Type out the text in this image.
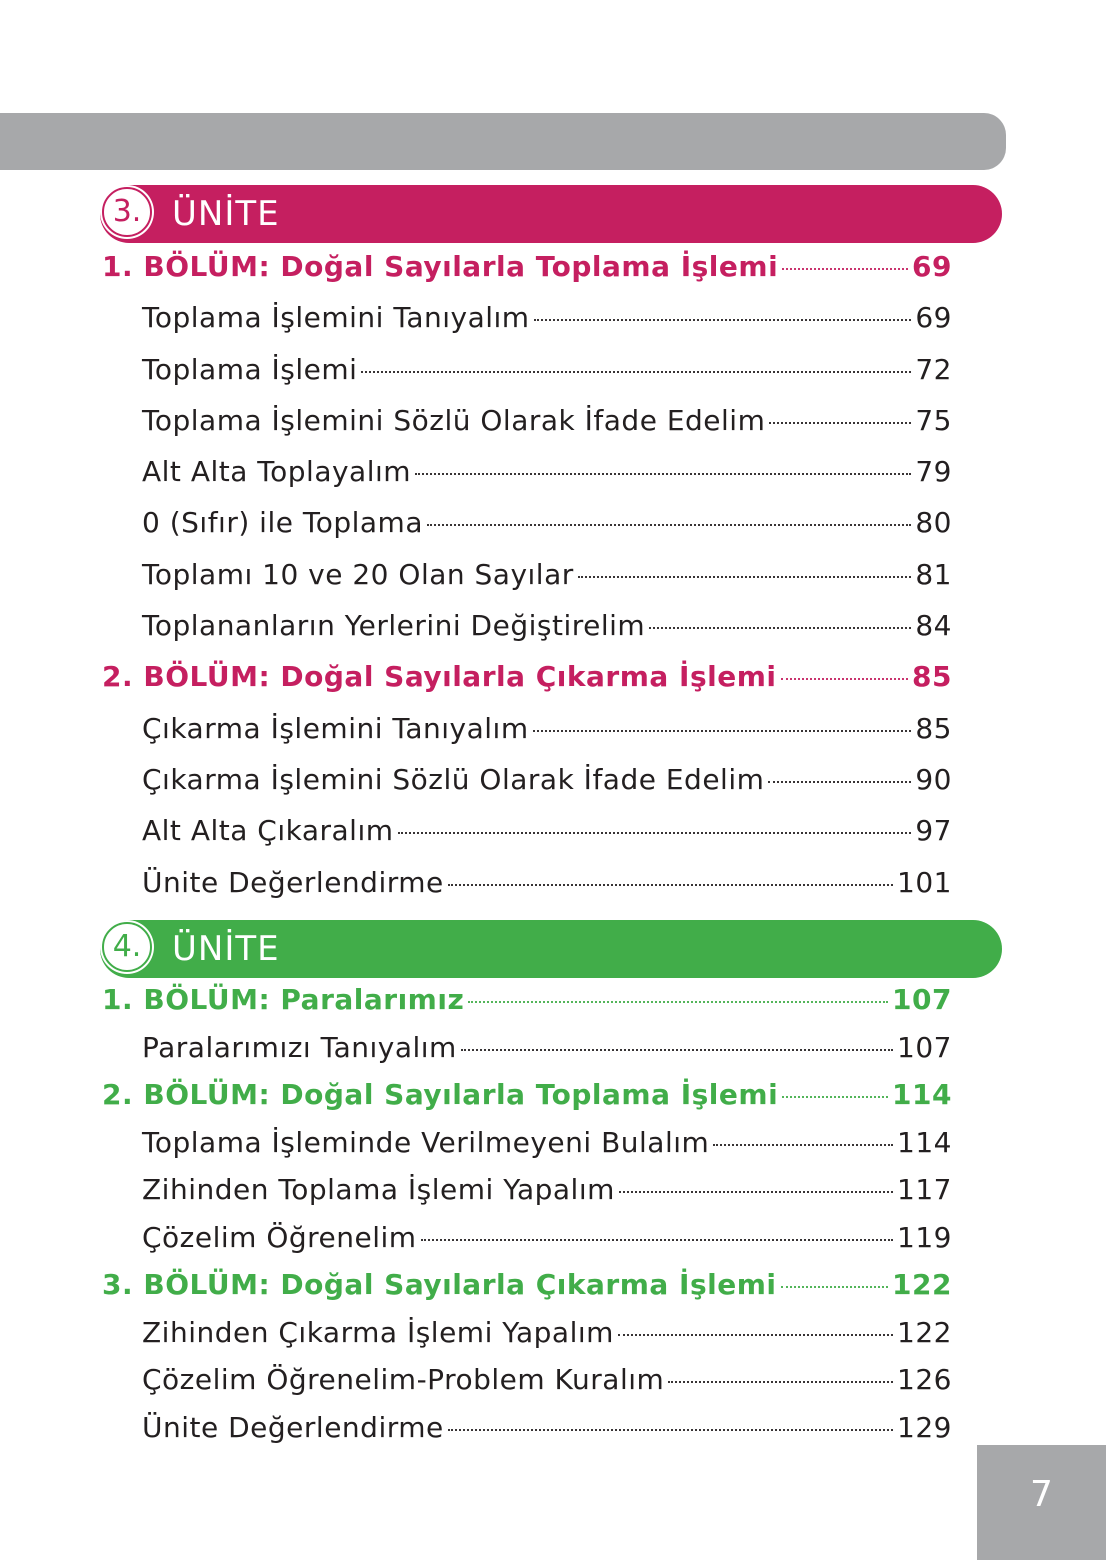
3. ÜNİTE
1. BÖLÜM: Doğal Sayılarla Toplama İşlemi	69
Toplama İşlemini Tanıyalım	69
Toplama İşlemi	72
Toplama İşlemini Sözlü Olarak İfade Edelim	75
Alt Alta Toplayalım	79
0 (Sıfır) ile Toplama	80
Toplamı 10 ve 20 Olan Sayılar	81
Toplananların Yerlerini Değiştirelim	84
2. BÖLÜM: Doğal Sayılarla Çıkarma İşlemi	85
Çıkarma İşlemini Tanıyalım	85
Çıkarma İşlemini Sözlü Olarak İfade Edelim	90
Alt Alta Çıkaralım	97
Ünite Değerlendirme	101
4. ÜNİTE
1. BÖLÜM: Paralarımız	107
Paralarımızı Tanıyalım	107
2. BÖLÜM: Doğal Sayılarla Toplama İşlemi	114
Toplama İşleminde Verilmeyeni Bulalım	114
Zihinden Toplama İşlemi Yapalım	117
Çözelim Öğrenelim	119
3. BÖLÜM: Doğal Sayılarla Çıkarma İşlemi	122
Zihinden Çıkarma İşlemi Yapalım	122
Çözelim Öğrenelim-Problem Kuralım	126
Ünite Değerlendirme	129
7
